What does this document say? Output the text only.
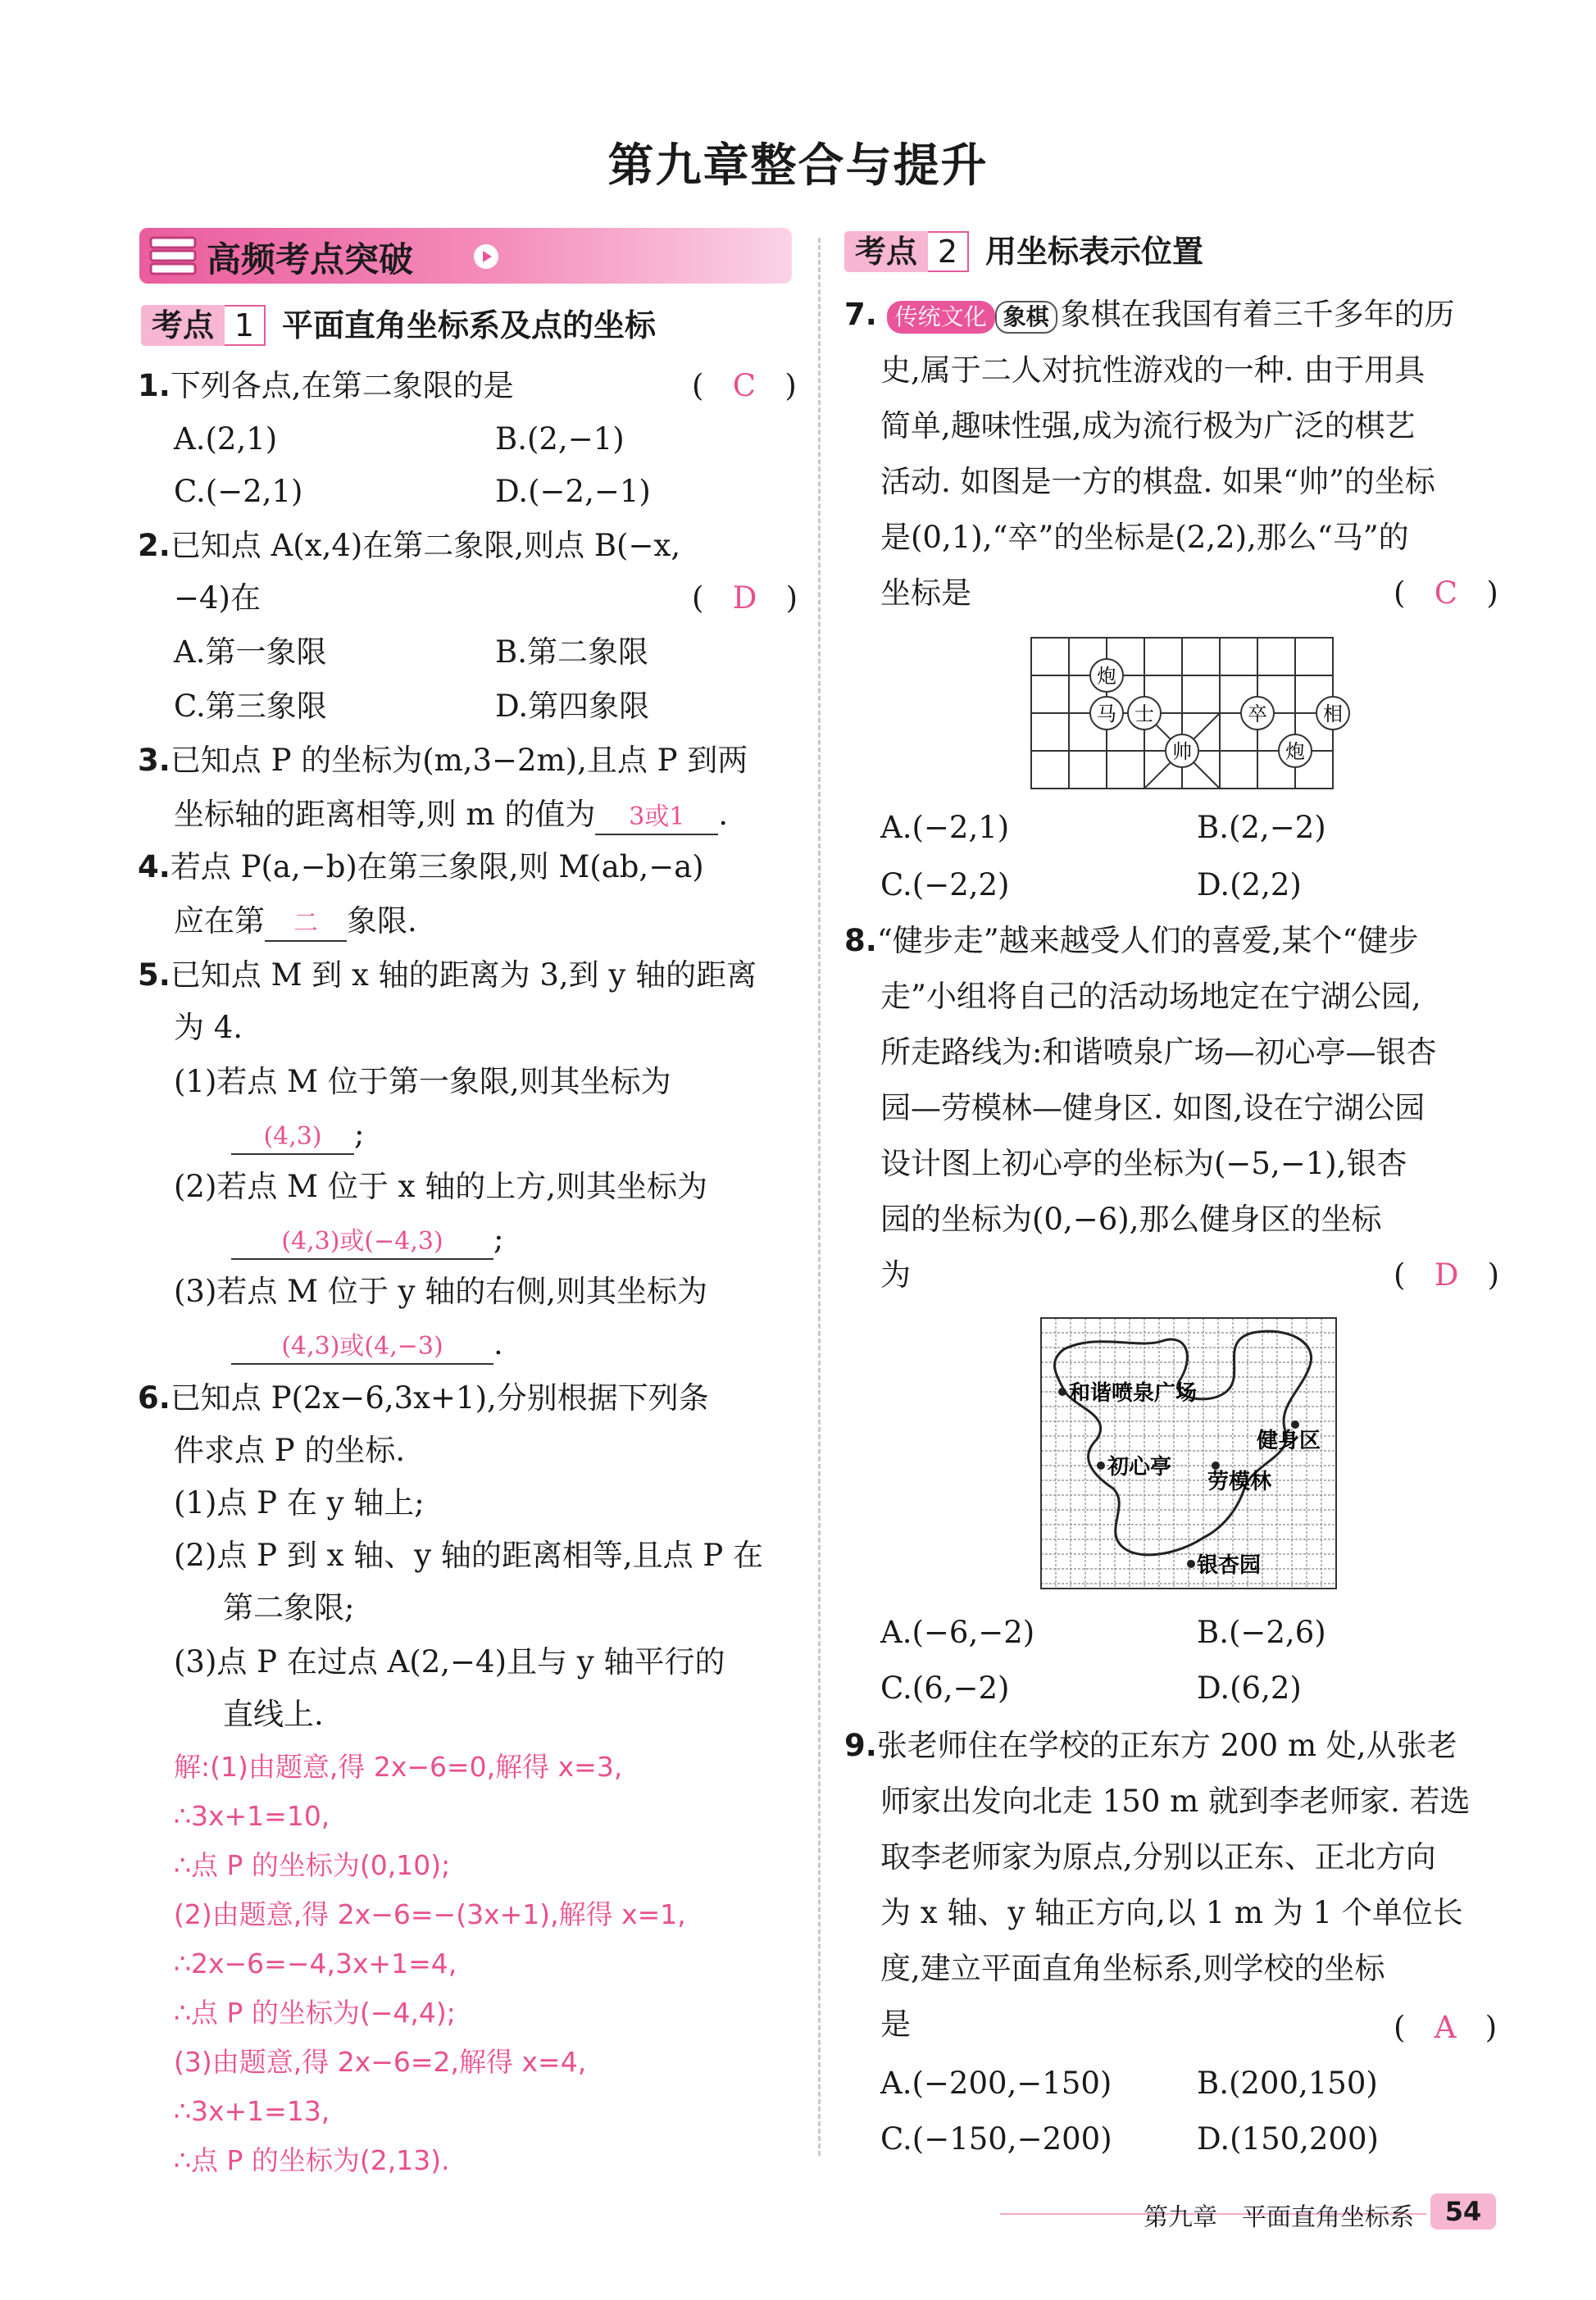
第九章整合与提升
高频考点突破
考点 1 平面直角坐标系及点的坐标
1.下列各点,在第二象限的是	(   C   )
A.(2,1)	B.(2,−1)
C.(−2,1)	D.(−2,−1)
2.已知点 A(x,4)在第二象限,则点 B(−x,
−4)在	(   D   )
A.第一象限	B.第二象限
C.第三象限	D.第四象限
3.已知点 P 的坐标为(m,3−2m),且点 P 到两
坐标轴的距离相等,则 m 的值为 3或1 .
4.若点 P(a,−b)在第三象限,则 M(ab,−a)
应在第 二 象限.
5.已知点 M 到 x 轴的距离为 3,到 y 轴的距离
为 4.
(1)若点 M 位于第一象限,则其坐标为
(4,3) ;
(2)若点 M 位于 x 轴的上方,则其坐标为
(4,3)或(−4,3) ;
(3)若点 M 位于 y 轴的右侧,则其坐标为
(4,3)或(4,−3) .
6.已知点 P(2x−6,3x+1),分别根据下列条
件求点 P 的坐标.
(1)点 P 在 y 轴上;
(2)点 P 到 x 轴、y 轴的距离相等,且点 P 在
第二象限;
(3)点 P 在过点 A(2,−4)且与 y 轴平行的
直线上.
解:(1)由题意,得 2x−6=0,解得 x=3,
∴3x+1=10,
∴点 P 的坐标为(0,10);
(2)由题意,得 2x−6=−(3x+1),解得 x=1,
∴2x−6=−4,3x+1=4,
∴点 P 的坐标为(−4,4);
(3)由题意,得 2x−6=2,解得 x=4,
∴3x+1=13,
∴点 P 的坐标为(2,13).
考点 2 用坐标表示位置
7. 传统文化 象棋 象棋在我国有着三千多年的历
史,属于二人对抗性游戏的一种. 由于用具
简单,趣味性强,成为流行极为广泛的棋艺
活动. 如图是一方的棋盘. 如果“帅”的坐标
是(0,1),“卒”的坐标是(2,2),那么“马”的
坐标是	(   C   )
炮
马 士
帅
卒	相
炮
A.(−2,1)	B.(2,−2)
C.(−2,2)	D.(2,2)
8.“健步走”越来越受人们的喜爱,某个“健步
走”小组将自己的活动场地定在宁湖公园,
所走路线为:和谐喷泉广场—初心亭—银杏
园—劳模林—健身区. 如图,设在宁湖公园
设计图上初心亭的坐标为(−5,−1),银杏
园的坐标为(0,−6),那么健身区的坐标
为	(   D   )
和谐喷泉广场
健身区
初心亭
劳模林
银杏园
A.(−6,−2)	B.(−2,6)
C.(6,−2)	D.(6,2)
9.张老师住在学校的正东方 200 m 处,从张老
师家出发向北走 150 m 就到李老师家. 若选
取李老师家为原点,分别以正东、正北方向
为 x 轴、y 轴正方向,以 1 m 为 1 个单位长
度,建立平面直角坐标系,则学校的坐标
是	(   A   )
A.(−200,−150)	B.(200,150)
C.(−150,−200)	D.(150,200)
第九章　平面直角坐标系	54
